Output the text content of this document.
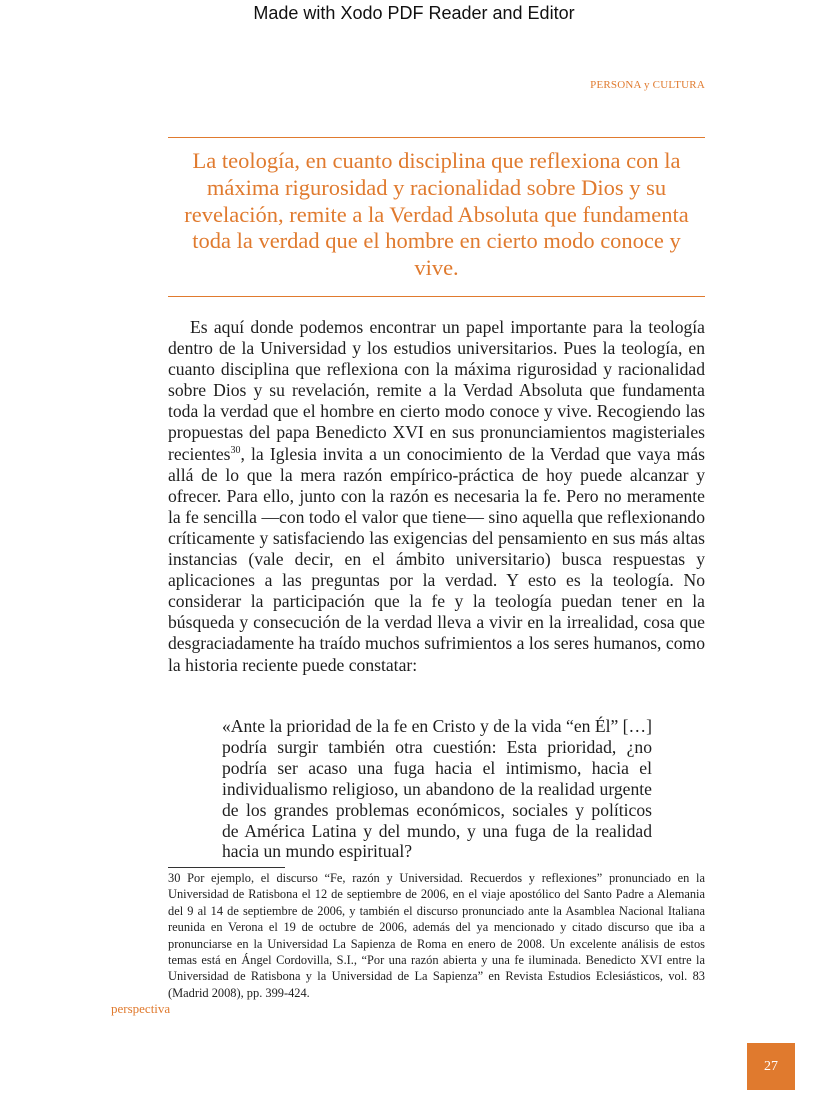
Made with Xodo PDF Reader and Editor
PERSONA y CULTURA

La teología, en cuanto disciplina que reflexiona con la máxima rigurosidad y racionalidad sobre Dios y su revelación, remite a la Verdad Absoluta que fundamenta toda la verdad que el hombre en cierto modo conoce y vive.

Es aquí donde podemos encontrar un papel importante para la teología dentro de la Universidad y los estudios universitarios. Pues la teología, en cuanto disciplina que reflexiona con la máxima rigurosidad y racionalidad sobre Dios y su revelación, remite a la Verdad Absoluta que fundamenta toda la verdad que el hombre en cierto modo conoce y vive. Recogiendo las propuestas del papa Benedicto XVI en sus pronunciamientos magisteriales recientes$^{30}$, la Iglesia invita a un conocimiento de la Verdad que vaya más allá de lo que la mera razón empírico-práctica de hoy puede alcanzar y ofrecer. Para ello, junto con la razón es necesaria la fe. Pero no meramente la fe sencilla —con todo el valor que tiene— sino aquella que reflexionando críticamente y satisfaciendo las exigencias del pensamiento en sus más altas instancias (vale decir, en el ámbito universitario) busca respuestas y aplicaciones a las preguntas por la verdad. Y esto es la teología. No considerar la participación que la fe y la teología puedan tener en la búsqueda y consecución de la verdad lleva a vivir en la irrealidad, cosa que desgraciadamente ha traído muchos sufrimientos a los seres humanos, como la historia reciente puede constatar:

«Ante la prioridad de la fe en Cristo y de la vida “en Él” […] podría surgir también otra cuestión: Esta prioridad, ¿no podría ser acaso una fuga hacia el intimismo, hacia el individualismo religioso, un abandono de la realidad urgente de los grandes problemas económicos, sociales y políticos de América Latina y del mundo, y una fuga de la realidad hacia un mundo espiritual?

30 Por ejemplo, el discurso “Fe, razón y Universidad. Recuerdos y reflexiones” pronunciado en la Universidad de Ratisbona el 12 de septiembre de 2006, en el viaje apostólico del Santo Padre a Alemania del 9 al 14 de septiembre de 2006, y también el discurso pronunciado ante la Asamblea Nacional Italiana reunida en Verona el 19 de octubre de 2006, además del ya mencionado y citado discurso que iba a pronunciarse en la Universidad La Sapienza de Roma en enero de 2008. Un excelente análisis de estos temas está en Ángel Cordovilla, S.I., “Por una razón abierta y una fe iluminada. Benedicto XVI entre la Universidad de Ratisbona y la Universidad de La Sapienza” en Revista Estudios Eclesiásticos, vol. 83 (Madrid 2008), pp. 399-424.

perspectiva
27
